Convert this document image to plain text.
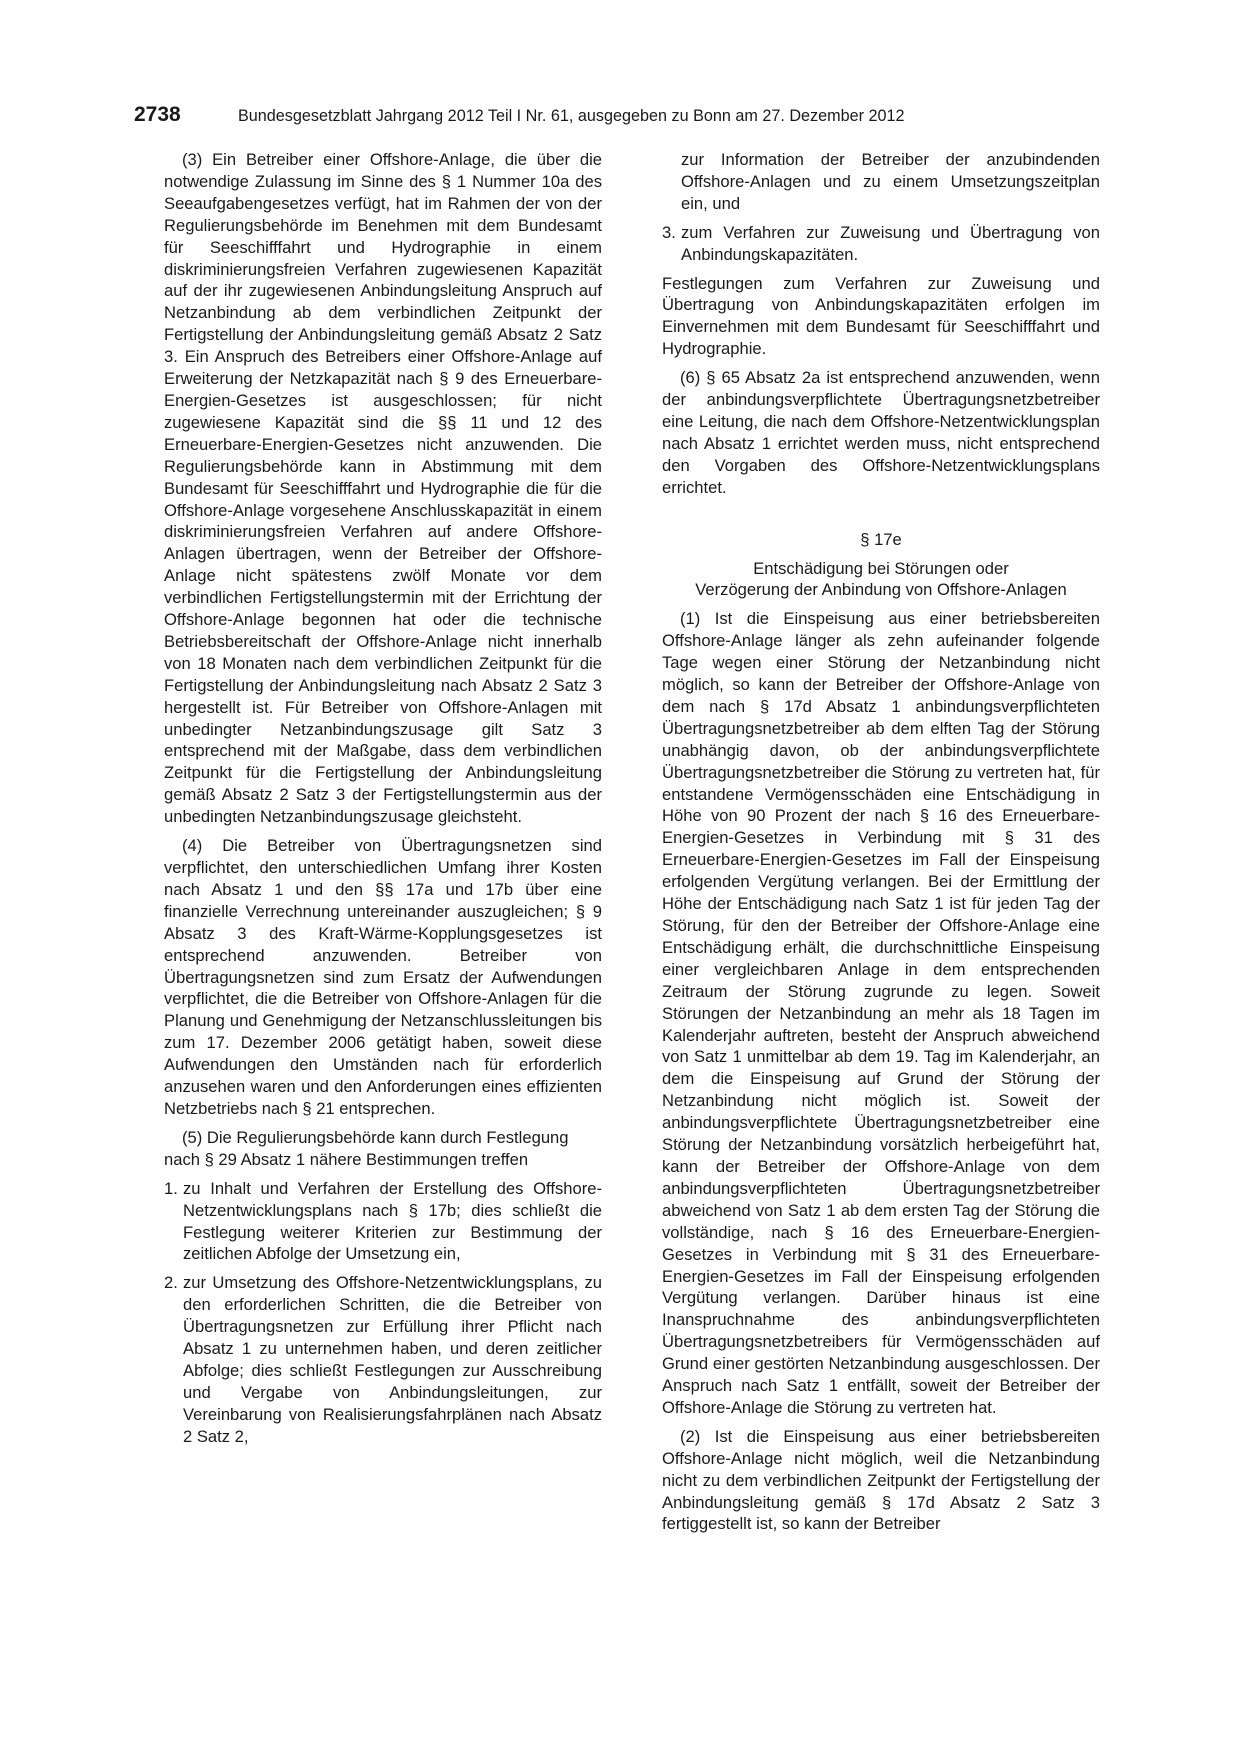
2738	Bundesgesetzblatt Jahrgang 2012 Teil I Nr. 61, ausgegeben zu Bonn am 27. Dezember 2012

(3) Ein Betreiber einer Offshore-Anlage, die über die notwendige Zulassung im Sinne des § 1 Nummer 10a des Seeaufgabengesetzes verfügt, hat im Rahmen der von der Regulierungsbehörde im Benehmen mit dem Bundesamt für Seeschifffahrt und Hydrographie in einem diskriminierungsfreien Verfahren zugewiesenen Kapazität auf der ihr zugewiesenen Anbindungsleitung Anspruch auf Netzanbindung ab dem verbindlichen Zeitpunkt der Fertigstellung der Anbindungsleitung gemäß Absatz 2 Satz 3. Ein Anspruch des Betreibers einer Offshore-Anlage auf Erweiterung der Netzkapazität nach § 9 des Erneuerbare-Energien-Gesetzes ist ausgeschlossen; für nicht zugewiesene Kapazität sind die §§ 11 und 12 des Erneuerbare-Energien-Gesetzes nicht anzuwenden. Die Regulierungsbehörde kann in Abstimmung mit dem Bundesamt für Seeschifffahrt und Hydrographie die für die Offshore-Anlage vorgesehene Anschlusskapazität in einem diskriminierungsfreien Verfahren auf andere Offshore-Anlagen übertragen, wenn der Betreiber der Offshore-Anlage nicht spätestens zwölf Monate vor dem verbindlichen Fertigstellungstermin mit der Errichtung der Offshore-Anlage begonnen hat oder die technische Betriebsbereitschaft der Offshore-Anlage nicht innerhalb von 18 Monaten nach dem verbindlichen Zeitpunkt für die Fertigstellung der Anbindungsleitung nach Absatz 2 Satz 3 hergestellt ist. Für Betreiber von Offshore-Anlagen mit unbedingter Netzanbindungszusage gilt Satz 3 entsprechend mit der Maßgabe, dass dem verbindlichen Zeitpunkt für die Fertigstellung der Anbindungsleitung gemäß Absatz 2 Satz 3 der Fertigstellungstermin aus der unbedingten Netzanbindungszusage gleichsteht.

(4) Die Betreiber von Übertragungsnetzen sind verpflichtet, den unterschiedlichen Umfang ihrer Kosten nach Absatz 1 und den §§ 17a und 17b über eine finanzielle Verrechnung untereinander auszugleichen; § 9 Absatz 3 des Kraft-Wärme-Kopplungsgesetzes ist entsprechend anzuwenden. Betreiber von Übertragungsnetzen sind zum Ersatz der Aufwendungen verpflichtet, die die Betreiber von Offshore-Anlagen für die Planung und Genehmigung der Netzanschlussleitungen bis zum 17. Dezember 2006 getätigt haben, soweit diese Aufwendungen den Umständen nach für erforderlich anzusehen waren und den Anforderungen eines effizienten Netzbetriebs nach § 21 entsprechen.

(5) Die Regulierungsbehörde kann durch Festlegung nach § 29 Absatz 1 nähere Bestimmungen treffen

1. zu Inhalt und Verfahren der Erstellung des Offshore-Netzentwicklungsplans nach § 17b; dies schließt die Festlegung weiterer Kriterien zur Bestimmung der zeitlichen Abfolge der Umsetzung ein,
2. zur Umsetzung des Offshore-Netzentwicklungsplans, zu den erforderlichen Schritten, die die Betreiber von Übertragungsnetzen zur Erfüllung ihrer Pflicht nach Absatz 1 zu unternehmen haben, und deren zeitlicher Abfolge; dies schließt Festlegungen zur Ausschreibung und Vergabe von Anbindungsleitungen, zur Vereinbarung von Realisierungsfahrplänen nach Absatz 2 Satz 2,
zur Information der Betreiber der anzubindenden Offshore-Anlagen und zu einem Umsetzungszeitplan ein, und
3. zum Verfahren zur Zuweisung und Übertragung von Anbindungskapazitäten.

Festlegungen zum Verfahren zur Zuweisung und Übertragung von Anbindungskapazitäten erfolgen im Einvernehmen mit dem Bundesamt für Seeschifffahrt und Hydrographie.

(6) § 65 Absatz 2a ist entsprechend anzuwenden, wenn der anbindungsverpflichtete Übertragungsnetzbetreiber eine Leitung, die nach dem Offshore-Netzentwicklungsplan nach Absatz 1 errichtet werden muss, nicht entsprechend den Vorgaben des Offshore-Netzentwicklungsplans errichtet.

§ 17e

Entschädigung bei Störungen oder

Verzögerung der Anbindung von Offshore-Anlagen

(1) Ist die Einspeisung aus einer betriebsbereiten Offshore-Anlage länger als zehn aufeinander folgende Tage wegen einer Störung der Netzanbindung nicht möglich, so kann der Betreiber der Offshore-Anlage von dem nach § 17d Absatz 1 anbindungsverpflichteten Übertragungsnetzbetreiber ab dem elften Tag der Störung unabhängig davon, ob der anbindungsverpflichtete Übertragungsnetzbetreiber die Störung zu vertreten hat, für entstandene Vermögensschäden eine Entschädigung in Höhe von 90 Prozent der nach § 16 des Erneuerbare-Energien-Gesetzes in Verbindung mit § 31 des Erneuerbare-Energien-Gesetzes im Fall der Einspeisung erfolgenden Vergütung verlangen. Bei der Ermittlung der Höhe der Entschädigung nach Satz 1 ist für jeden Tag der Störung, für den der Betreiber der Offshore-Anlage eine Entschädigung erhält, die durchschnittliche Einspeisung einer vergleichbaren Anlage in dem entsprechenden Zeitraum der Störung zugrunde zu legen. Soweit Störungen der Netzanbindung an mehr als 18 Tagen im Kalenderjahr auftreten, besteht der Anspruch abweichend von Satz 1 unmittelbar ab dem 19. Tag im Kalenderjahr, an dem die Einspeisung auf Grund der Störung der Netzanbindung nicht möglich ist. Soweit der anbindungsverpflichtete Übertragungsnetzbetreiber eine Störung der Netzanbindung vorsätzlich herbeigeführt hat, kann der Betreiber der Offshore-Anlage von dem anbindungsverpflichteten Übertragungsnetzbetreiber abweichend von Satz 1 ab dem ersten Tag der Störung die vollständige, nach § 16 des Erneuerbare-Energien-Gesetzes in Verbindung mit § 31 des Erneuerbare-Energien-Gesetzes im Fall der Einspeisung erfolgenden Vergütung verlangen. Darüber hinaus ist eine Inanspruchnahme des anbindungsverpflichteten Übertragungsnetzbetreibers für Vermögensschäden auf Grund einer gestörten Netzanbindung ausgeschlossen. Der Anspruch nach Satz 1 entfällt, soweit der Betreiber der Offshore-Anlage die Störung zu vertreten hat.

(2) Ist die Einspeisung aus einer betriebsbereiten Offshore-Anlage nicht möglich, weil die Netzanbindung nicht zu dem verbindlichen Zeitpunkt der Fertigstellung der Anbindungsleitung gemäß § 17d Absatz 2 Satz 3 fertiggestellt ist, so kann der Betreiber
